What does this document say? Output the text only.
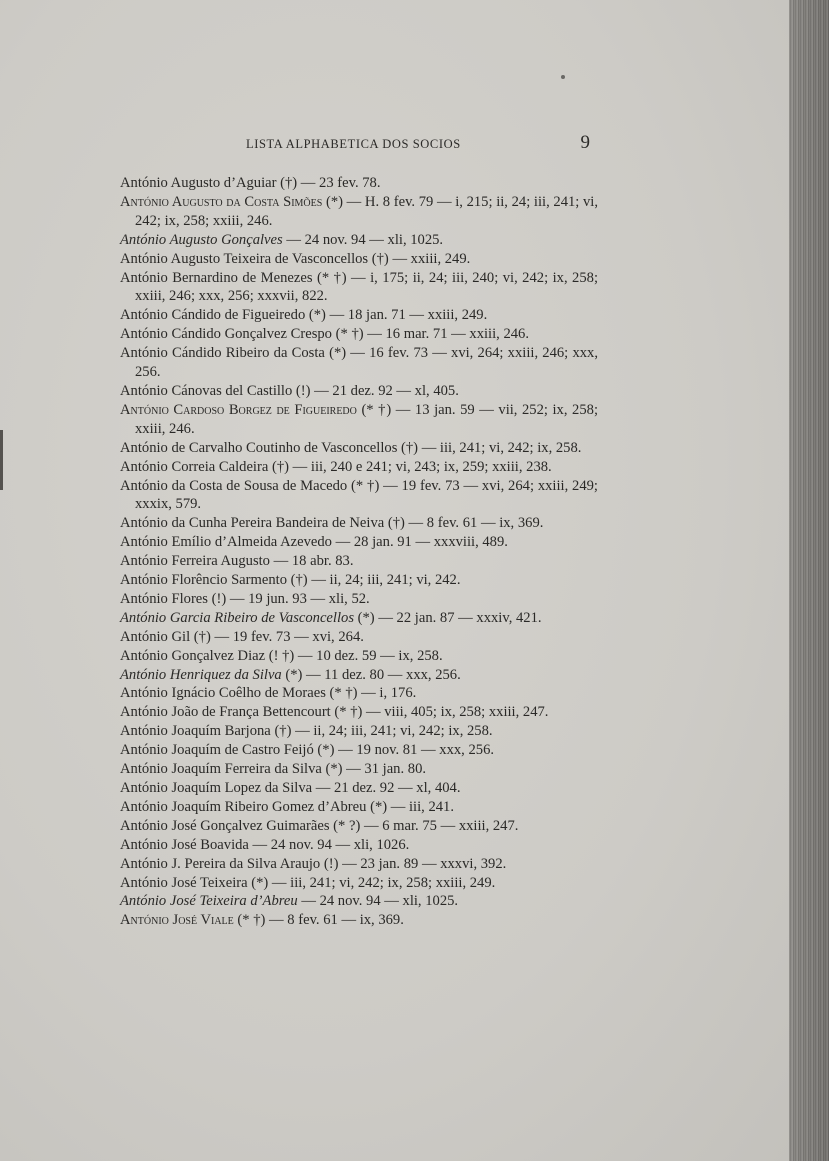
LISTA ALPHABETICA DOS SOCIOS	9
António Augusto d’Aguiar (†) — 23 fev. 78.
António Augusto da Costa Simões (*) — H. 8 fev. 79 — i, 215; ii, 24; iii, 241; vi, 242; ix, 258; xxiii, 246.
António Augusto Gonçalves — 24 nov. 94 — xli, 1025.
António Augusto Teixeira de Vasconcellos (†) — xxiii, 249.
António Bernardino de Menezes (* †) — i, 175; ii, 24; iii, 240; vi, 242; ix, 258; xxiii, 246; xxx, 256; xxxvii, 822.
António Cándido de Figueiredo (*) — 18 jan. 71 — xxiii, 249.
António Cándido Gonçalvez Crespo (* †) — 16 mar. 71 — xxiii, 246.
António Cándido Ribeiro da Costa (*) — 16 fev. 73 — xvi, 264; xxiii, 246; xxx, 256.
António Cánovas del Castillo (!) — 21 dez. 92 — xl, 405.
António Cardoso Borgez de Figueiredo (* †) — 13 jan. 59 — vii, 252; ix, 258; xxiii, 246.
António de Carvalho Coutinho de Vasconcellos (†) — iii, 241; vi, 242; ix, 258.
António Correia Caldeira (†) — iii, 240 e 241; vi, 243; ix, 259; xxiii, 238.
António da Costa de Sousa de Macedo (* †) — 19 fev. 73 — xvi, 264; xxiii, 249; xxxix, 579.
António da Cunha Pereira Bandeira de Neiva (†) — 8 fev. 61 — ix, 369.
António Emílio d’Almeida Azevedo — 28 jan. 91 — xxxviii, 489.
António Ferreira Augusto — 18 abr. 83.
António Florêncio Sarmento (†) — ii, 24; iii, 241; vi, 242.
António Flores (!) — 19 jun. 93 — xli, 52.
António Garcia Ribeiro de Vasconcellos (*) — 22 jan. 87 — xxxiv, 421.
António Gil (†) — 19 fev. 73 — xvi, 264.
António Gonçalvez Diaz (! †) — 10 dez. 59 — ix, 258.
António Henriquez da Silva (*) — 11 dez. 80 — xxx, 256.
António Ignácio Coêlho de Moraes (* †) — i, 176.
António João de França Bettencourt (* †) — viii, 405; ix, 258; xxiii, 247.
António Joaquím Barjona (†) — ii, 24; iii, 241; vi, 242; ix, 258.
António Joaquím de Castro Feijó (*) — 19 nov. 81 — xxx, 256.
António Joaquím Ferreira da Silva (*) — 31 jan. 80.
António Joaquím Lopez da Silva — 21 dez. 92 — xl, 404.
António Joaquím Ribeiro Gomez d’Abreu (*) — iii, 241.
António José Gonçalvez Guimarães (* ?) — 6 mar. 75 — xxiii, 247.
António José Boavida — 24 nov. 94 — xli, 1026.
António J. Pereira da Silva Araujo (!) — 23 jan. 89 — xxxvi, 392.
António José Teixeira (*) — iii, 241; vi, 242; ix, 258; xxiii, 249.
António José Teixeira d’Abreu — 24 nov. 94 — xli, 1025.
António José Viale (* †) — 8 fev. 61 — ix, 369.
